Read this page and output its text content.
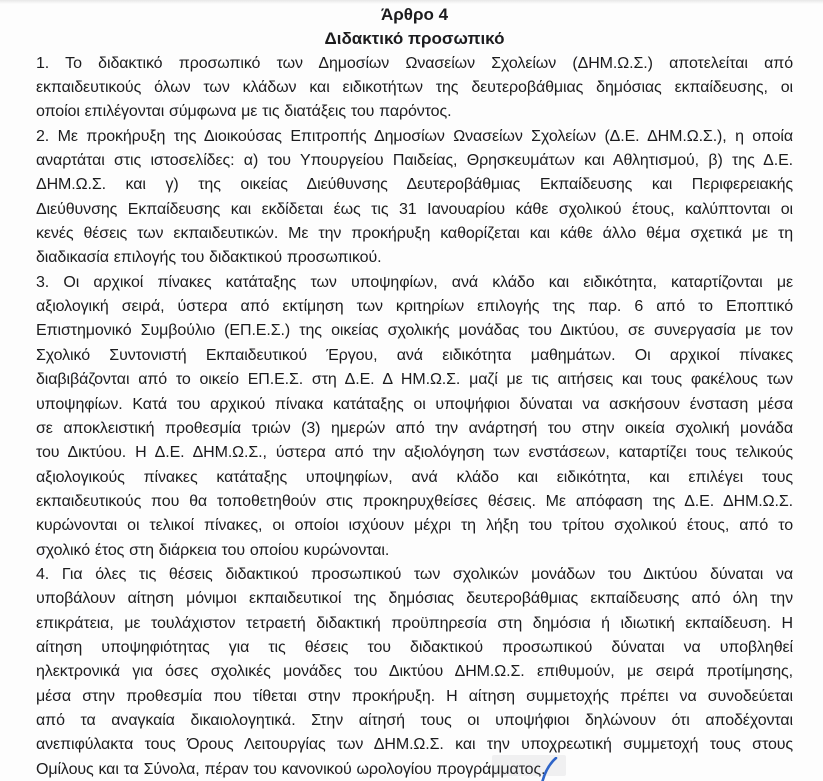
Άρθρο 4
Διδακτικό προσωπικό
1. Το διδακτικό προσωπικό των Δημοσίων Ωνασείων Σχολείων (ΔΗΜ.Ω.Σ.) αποτελείται από
εκπαιδευτικούς όλων των κλάδων και ειδικοτήτων της δευτεροβάθμιας δημόσιας εκπαίδευσης, οι
οποίοι επιλέγονται σύμφωνα με τις διατάξεις του παρόντος.
2. Με προκήρυξη της Διοικούσας Επιτροπής Δημοσίων Ωνασείων Σχολείων (Δ.Ε. ΔΗΜ.Ω.Σ.), η οποία
αναρτάται στις ιστοσελίδες: α) του Υπουργείου Παιδείας, Θρησκευμάτων και Αθλητισμού, β) της Δ.Ε.
ΔΗΜ.Ω.Σ. και γ) της οικείας Διεύθυνσης Δευτεροβάθμιας Εκπαίδευσης και Περιφερειακής
Διεύθυνσης Εκπαίδευσης και εκδίδεται έως τις 31 Ιανουαρίου κάθε σχολικού έτους, καλύπτονται οι
κενές θέσεις των εκπαιδευτικών. Με την προκήρυξη καθορίζεται και κάθε άλλο θέμα σχετικά με τη
διαδικασία επιλογής του διδακτικού προσωπικού.
3. Οι αρχικοί πίνακες κατάταξης των υποψηφίων, ανά κλάδο και ειδικότητα, καταρτίζονται με
αξιολογική σειρά, ύστερα από εκτίμηση των κριτηρίων επιλογής της παρ. 6 από το Εποπτικό
Επιστημονικό Συμβούλιο (ΕΠ.Ε.Σ.) της οικείας σχολικής μονάδας του Δικτύου, σε συνεργασία με τον
Σχολικό Συντονιστή Εκπαιδευτικού Έργου, ανά ειδικότητα μαθημάτων. Οι αρχικοί πίνακες
διαβιβάζονται από το οικείο ΕΠ.Ε.Σ. στη Δ.Ε. Δ ΗΜ.Ω.Σ. μαζί με τις αιτήσεις και τους φακέλους των
υποψηφίων. Κατά του αρχικού πίνακα κατάταξης οι υποψήφιοι δύναται να ασκήσουν ένσταση μέσα
σε αποκλειστική προθεσμία τριών (3) ημερών από την ανάρτησή του στην οικεία σχολική μονάδα
του Δικτύου. Η Δ.Ε. ΔΗΜ.Ω.Σ., ύστερα από την αξιολόγηση των ενστάσεων, καταρτίζει τους τελικούς
αξιολογικούς πίνακες κατάταξης υποψηφίων, ανά κλάδο και ειδικότητα, και επιλέγει τους
εκπαιδευτικούς που θα τοποθετηθούν στις προκηρυχθείσες θέσεις. Με απόφαση της Δ.Ε. ΔΗΜ.Ω.Σ.
κυρώνονται οι τελικοί πίνακες, οι οποίοι ισχύουν μέχρι τη λήξη του τρίτου σχολικού έτους, από το
σχολικό έτος στη διάρκεια του οποίου κυρώνονται.
4. Για όλες τις θέσεις διδακτικού προσωπικού των σχολικών μονάδων του Δικτύου δύναται να
υποβάλουν αίτηση μόνιμοι εκπαιδευτικοί της δημόσιας δευτεροβάθμιας εκπαίδευσης από όλη την
επικράτεια, με τουλάχιστον τετραετή διδακτική προϋπηρεσία στη δημόσια ή ιδιωτική εκπαίδευση. Η
αίτηση υποψηφιότητας για τις θέσεις του διδακτικού προσωπικού δύναται να υποβληθεί
ηλεκτρονικά για όσες σχολικές μονάδες του Δικτύου ΔΗΜ.Ω.Σ. επιθυμούν, με σειρά προτίμησης,
μέσα στην προθεσμία που τίθεται στην προκήρυξη. Η αίτηση συμμετοχής πρέπει να συνοδεύεται
από τα αναγκαία δικαιολογητικά. Στην αίτησή τους οι υποψήφιοι δηλώνουν ότι αποδέχονται
ανεπιφύλακτα τους Όρους Λειτουργίας των ΔΗΜ.Ω.Σ. και την υποχρεωτική συμμετοχή τους στους
Ομίλους και τα Σύνολα, πέραν του κανονικού ωρολογίου προγράμματος.
